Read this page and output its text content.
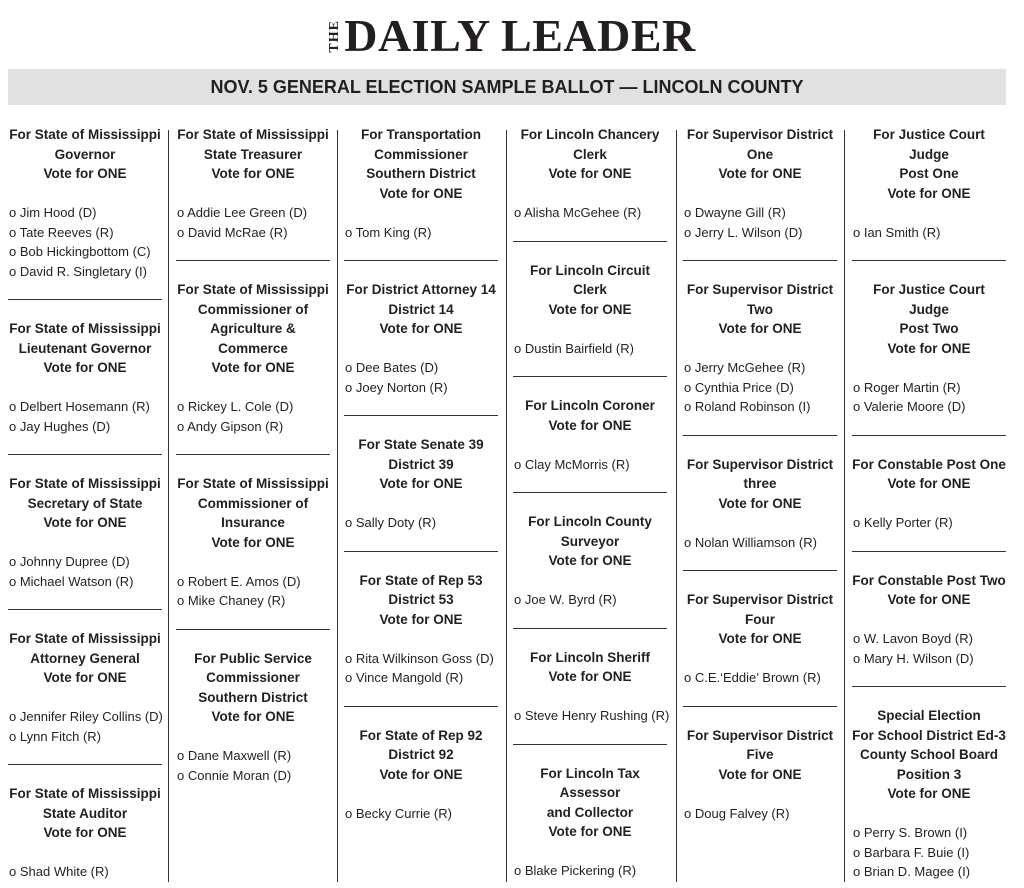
THE DAILY LEADER
NOV. 5 GENERAL ELECTION SAMPLE BALLOT — LINCOLN COUNTY
For State of Mississippi
Governor
Vote for ONE
o Jim Hood (D)
o Tate Reeves (R)
o Bob Hickingbottom (C)
o David R. Singletary (I)
For State of Mississippi
Lieutenant Governor
Vote for ONE
o Delbert Hosemann (R)
o Jay Hughes (D)
For State of Mississippi
Secretary of State
Vote for ONE
o Johnny Dupree (D)
o Michael Watson (R)
For State of Mississippi
Attorney General
Vote for ONE
o Jennifer Riley Collins (D)
o Lynn Fitch (R)
For State of Mississippi
State Auditor
Vote for ONE
o Shad White (R)
For State of Mississippi
State Treasurer
Vote for ONE
o Addie Lee Green (D)
o David McRae (R)
For State of Mississippi
Commissioner of
Agriculture &
Commerce
Vote for ONE
o Rickey L. Cole (D)
o Andy Gipson (R)
For State of Mississippi
Commissioner of
Insurance
Vote for ONE
o Robert E. Amos (D)
o Mike Chaney (R)
For Public Service
Commissioner
Southern District
Vote for ONE
o Dane Maxwell (R)
o Connie Moran (D)
For Transportation
Commissioner
Southern District
Vote for ONE
o Tom King (R)
For District Attorney 14
District 14
Vote for ONE
o Dee Bates (D)
o Joey Norton (R)
For State Senate 39
District 39
Vote for ONE
o Sally Doty (R)
For State of Rep 53
District 53
Vote for ONE
o Rita Wilkinson Goss (D)
o Vince Mangold (R)
For State of Rep 92
District 92
Vote for ONE
o Becky Currie (R)
For Lincoln Chancery
Clerk
Vote for ONE
o Alisha McGehee (R)
For Lincoln Circuit Clerk
Vote for ONE
o Dustin Bairfield (R)
For Lincoln Coroner
Vote for ONE
o Clay McMorris (R)
For Lincoln County
Surveyor
Vote for ONE
o Joe W. Byrd (R)
For Lincoln Sheriff
Vote for ONE
o Steve Henry Rushing (R)
For Lincoln Tax Assessor
and Collector
Vote for ONE
o Blake Pickering (R)
For Supervisor District
One
Vote for ONE
o Dwayne Gill (R)
o Jerry L. Wilson (D)
For Supervisor District
Two
Vote for ONE
o Jerry McGehee (R)
o Cynthia Price (D)
o Roland Robinson (I)
For Supervisor District
three
Vote for ONE
o Nolan Williamson (R)
For Supervisor District
Four
Vote for ONE
o C.E.‘Eddie’ Brown (R)
For Supervisor District
Five
Vote for ONE
o Doug Falvey (R)
For Justice Court Judge
Post One
Vote for ONE
o Ian Smith (R)
For Justice Court Judge
Post Two
Vote for ONE
o Roger Martin (R)
o Valerie Moore (D)
For Constable Post One
Vote for ONE
o Kelly Porter (R)
For Constable Post Two
Vote for ONE
o W. Lavon Boyd (R)
o Mary H. Wilson (D)
Special Election
For School District Ed-3
County School Board
Position 3
Vote for ONE
o Perry S. Brown (I)
o Barbara F. Buie (I)
o Brian D. Magee (I)
